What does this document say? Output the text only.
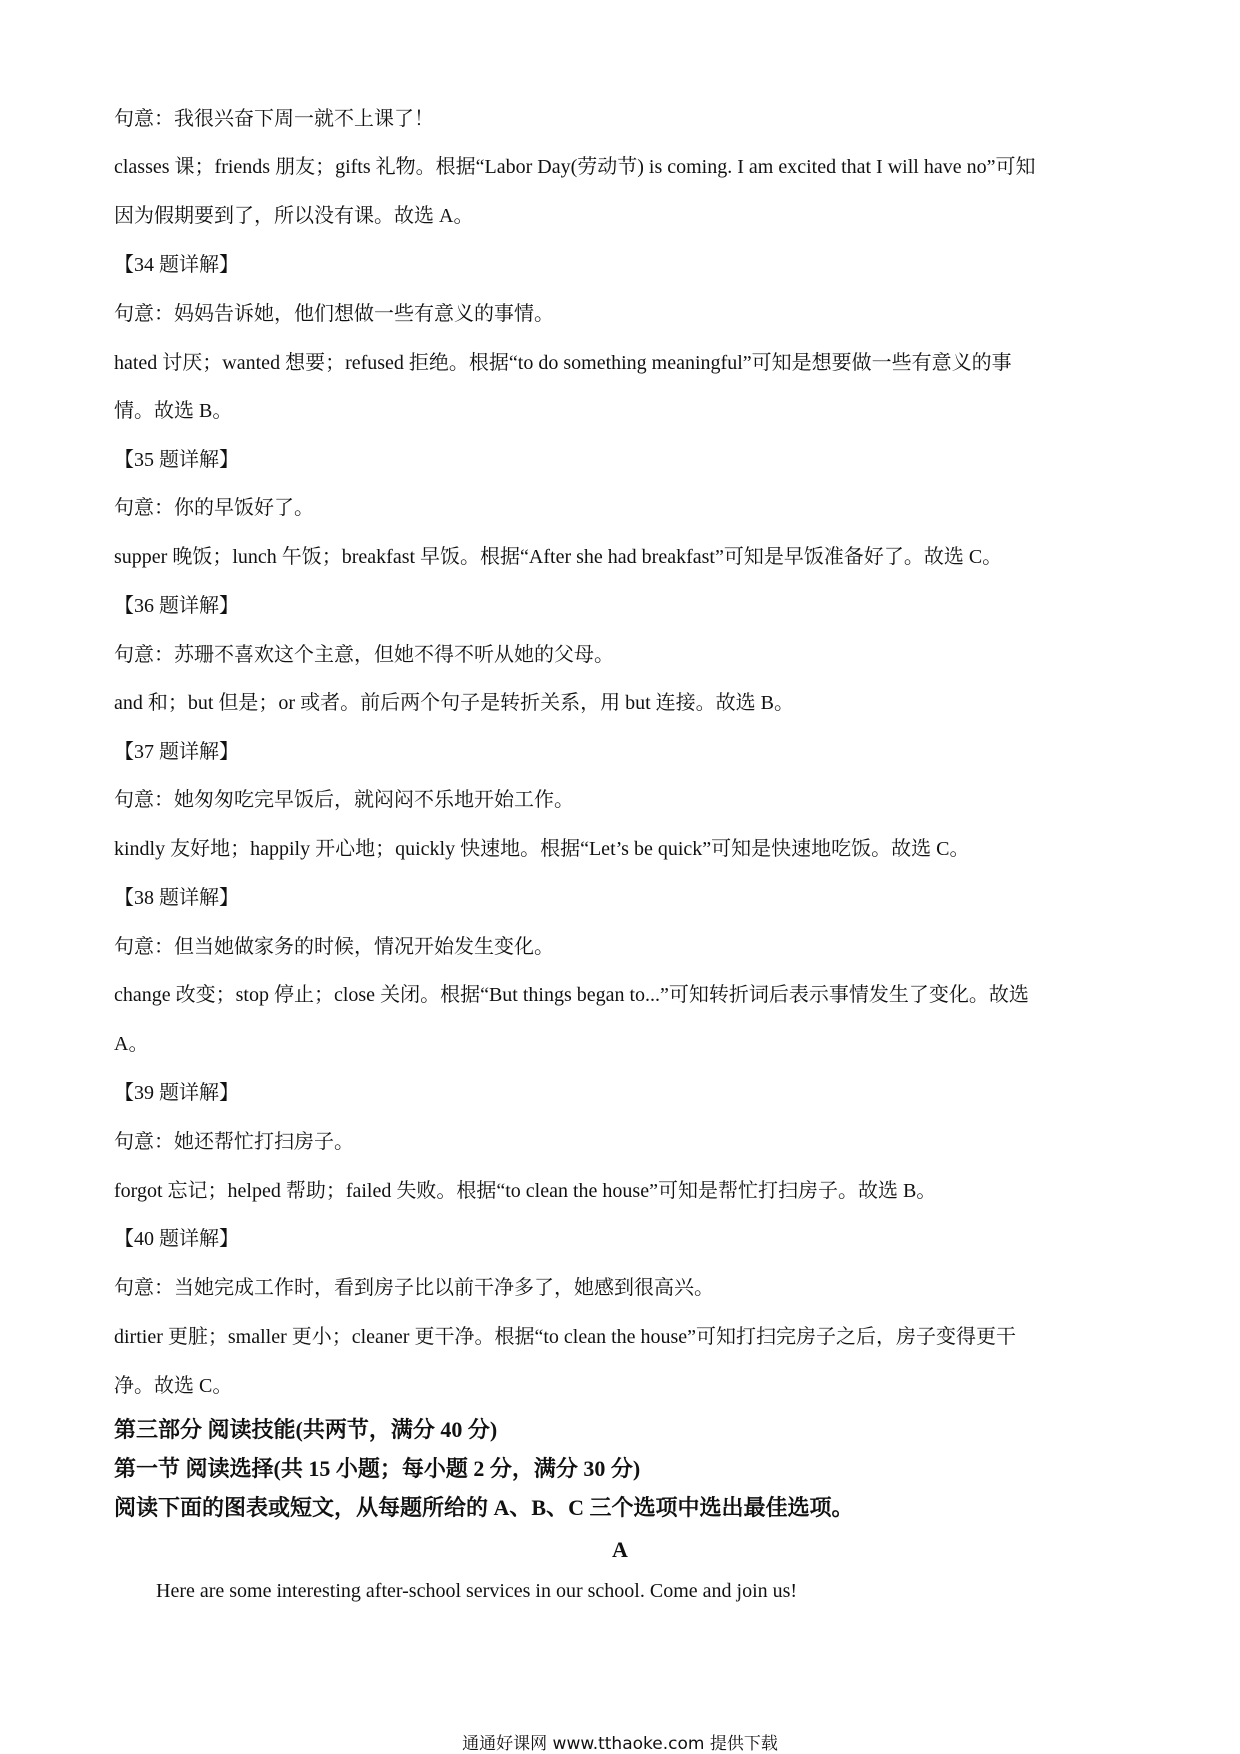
句意：我很兴奋下周一就不上课了！
classes 课；friends 朋友；gifts 礼物。根据“Labor Day(劳动节) is coming. I am excited that I will have no”可知
因为假期要到了，所以没有课。故选 A。
【34 题详解】
句意：妈妈告诉她，他们想做一些有意义的事情。
hated 讨厌；wanted 想要；refused 拒绝。根据“to do something meaningful”可知是想要做一些有意义的事
情。故选 B。
【35 题详解】
句意：你的早饭好了。
supper 晚饭；lunch 午饭；breakfast 早饭。根据“After she had breakfast”可知是早饭准备好了。故选 C。
【36 题详解】
句意：苏珊不喜欢这个主意，但她不得不听从她的父母。
and 和；but 但是；or 或者。前后两个句子是转折关系，用 but 连接。故选 B。
【37 题详解】
句意：她匆匆吃完早饭后，就闷闷不乐地开始工作。
kindly 友好地；happily 开心地；quickly 快速地。根据“Let’s be quick”可知是快速地吃饭。故选 C。
【38 题详解】
句意：但当她做家务的时候，情况开始发生变化。
change 改变；stop 停止；close 关闭。根据“But things began to...”可知转折词后表示事情发生了变化。故选
A。
【39 题详解】
句意：她还帮忙打扫房子。
forgot 忘记；helped 帮助；failed 失败。根据“to clean the house”可知是帮忙打扫房子。故选 B。
【40 题详解】
句意：当她完成工作时，看到房子比以前干净多了，她感到很高兴。
dirtier 更脏；smaller 更小；cleaner 更干净。根据“to clean the house”可知打扫完房子之后，房子变得更干
净。故选 C。
第三部分 阅读技能(共两节，满分 40 分)
第一节 阅读选择(共 15 小题；每小题 2 分，满分 30 分)
阅读下面的图表或短文，从每题所给的 A、B、C 三个选项中选出最佳选项。
A
Here are some interesting after-school services in our school. Come and join us!
通通好课网 www.tthaoke.com 提供下载
